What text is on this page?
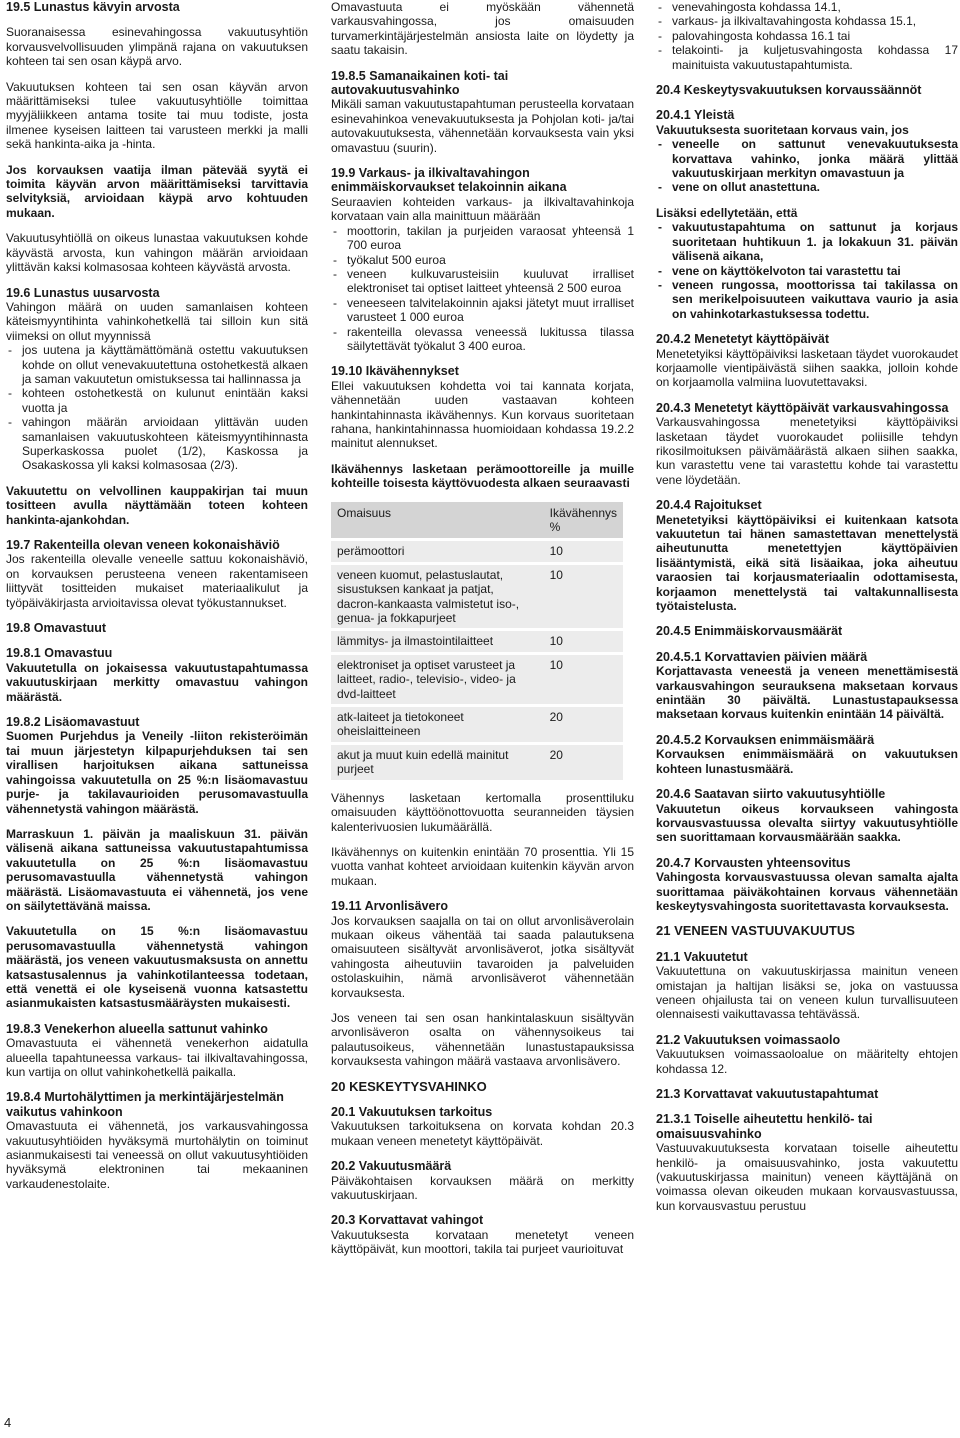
19.5 Lunastus kävyin arvosta

Suoranaisessa esinevahingossa vakuutusyhtiön korvausvelvollisuuden ylimpänä rajana on vakuutuksen kohteen tai sen osan käypä arvo.

Vakuutuksen kohteen tai sen osan käyvän arvon määrittämiseksi tulee vakuutusyhtiölle toimittaa myyjäliikkeen antama tosite tai muu todiste, josta ilmenee kyseisen laitteen tai varusteen merkki ja malli sekä hankinta-aika ja -hinta.

Jos korvauksen vaatija ilman pätevää syytä ei toimita käyvän arvon määrittämiseksi tarvittavia selvityksiä, arvioidaan käypä arvo kohtuuden mukaan.

Vakuutusyhtiöllä on oikeus lunastaa vakuutuksen kohde käyvästä arvosta, kun vahingon määrän arvioidaan ylittävän kaksi kolmasosaa kohteen käyvästä arvosta.

19.6 Lunastus uusarvosta

Vahingon määrä on uuden samanlaisen kohteen käteismyyntihinta vahinkohetkellä tai silloin kun sitä viimeksi on ollut myynnissä

- jos uutena ja käyttämättömänä ostettu vakuutuksen kohde on ollut venevakuutettuna ostohetkestä alkaen ja saman vakuutetun omistuksessa tai hallinnassa ja
- kohteen ostohetkestä on kulunut enintään kaksi vuotta ja
- vahingon määrän arvioidaan ylittävän uuden samanlaisen vakuutuskohteen käteismyyntihinnasta Superkaskossa puolet (1/2), Kaskossa ja Osakaskossa yli kaksi kolmasosaa (2/3).

Vakuutettu on velvollinen kauppakirjan tai muun tositteen avulla näyttämään toteen kohteen hankinta-ajankohdan.

19.7 Rakenteilla olevan veneen kokonaishäviö

Jos rakenteilla olevalle veneelle sattuu kokonaishäviö, on korvauksen perusteena veneen rakentamiseen liittyvät tositteiden mukaiset materiaalikulut ja työpäiväkirjasta arvioitavissa olevat työkustannukset.

19.8 Omavastuut
19.8.1 Omavastuu

Vakuutetulla on jokaisessa vakuutustapahtumassa vakuutuskirjaan merkitty omavastuu vahingon määrästä.

19.8.2 Lisäomavastuut

Suomen Purjehdus ja Veneily -liiton rekisteröimän tai muun järjestetyn kilpapurjehduksen tai sen virallisen harjoituksen aikana sattuneissa vahingoissa vakuutetulla on 25 %:n lisäomavastuu purje- ja takilavaurioiden perusomavastuulla vähennetystä vahingon määrästä.

Marraskuun 1. päivän ja maaliskuun 31. päivän välisenä aikana sattuneissa vakuutustapahtumissa vakuutetulla on 25 %:n lisäomavastuu perusomavastuulla vähennetystä vahingon määrästä. Lisäomavastuuta ei vähennetä, jos vene on säilytettävänä maissa.

Vakuutetulla on 15 %:n lisäomavastuu perusomavastuulla vähennetystä vahingon määrästä, jos veneen vakuutusmaksusta on annettu katsastusalennus ja vahinkotilanteessa todetaan, että venettä ei ole kyseisenä vuonna katsastettu asianmukaisten katsastusmääräysten mukaisesti.

19.8.3 Venekerhon alueella sattunut vahinko

Omavastuuta ei vähennetä venekerhon aidatulla alueella tapahtuneessa varkaus- tai ilkivaltavahingossa, kun vartija on ollut vahinkohetkellä paikalla.

19.8.4 Murtohälyttimen ja merkintäjärjestelmän vaikutus vahinkoon

Omavastuuta ei vähennetä, jos varkausvahingossa vakuutusyhtiöiden hyväksymä murtohälytin on toiminut asianmukaisesti tai veneessä on ollut vakuutusyhtiöiden hyväksymä elektroninen tai mekaaninen varkaudenestolaite.

Omavastuuta ei myöskään vähennetä varkausvahingossa, jos omaisuuden turvamerkintäjärjestelmän ansiosta laite on löydetty ja saatu takaisin.

19.8.5 Samanaikainen koti- tai autovakuutusvahinko

Mikäli saman vakuutustapahtuman perusteella korvataan esinevahinkoa venevakuutuksesta ja Pohjolan koti- ja/tai autovakuutuksesta, vähennetään korvauksesta vain yksi omavastuu (suurin).

19.9 Varkaus- ja ilkivaltavahingon enimmäiskorvaukset telakoinnin aikana

Seuraavien kohteiden varkaus- ja ilkivaltavahinkoja korvataan vain alla mainittuun määrään

- moottorin, takilan ja purjeiden varaosat yhteensä 1 700 euroa
- työkalut 500 euroa
- veneen kulkuvarusteisiin kuuluvat irralliset elektroniset tai optiset laitteet yhteensä 2 500 euroa
- veneeseen talvitelakoinnin ajaksi jätetyt muut irralliset varusteet 1 000 euroa
- rakenteilla olevassa veneessä lukitussa tilassa säilytettävät työkalut 3 400 euroa.
19.10 Ikävähennykset

Ellei vakuutuksen kohdetta voi tai kannata korjata, vähennetään uuden vastaavan kohteen hankintahinnasta ikävähennys. Kun korvaus suoritetaan rahana, hankintahinnassa huomioidaan kohdassa 19.2.2 mainitut alennukset.

Ikävähennys lasketaan perämoottoreille ja muille kohteille toisesta käyttövuodesta alkaen seuraavasti

Omaisuus	Ikävähennys %
perämoottori	10
veneen kuomut, pelastuslautat, sisustuksen kankaat ja patjat, dacron-kankaasta valmistetut iso-, genua- ja fokkapurjeet	10
lämmitys- ja ilmastointilaitteet	10
elektroniset ja optiset varusteet ja laitteet, radio-, televisio-, video- ja dvd-laitteet	10
atk-laiteet ja tietokoneet oheislaitteineen	20
akut ja muut kuin edellä mainitut purjeet	20

Vähennys lasketaan kertomalla prosenttiluku omaisuuden käyttöönottovuotta seuranneiden täysien kalenterivuosien lukumäärällä.

Ikävähennys on kuitenkin enintään 70 prosenttia. Yli 15 vuotta vanhat kohteet arvioidaan kuitenkin käyvän arvon mukaan.

19.11 Arvonlisävero

Jos korvauksen saajalla on tai on ollut arvonlisäverolain mukaan oikeus vähentää tai saada palautuksena omaisuuteen sisältyvät arvonlisäverot, jotka sisältyvät vahingosta aiheutuviin tavaroiden ja palveluiden ostolaskuihin, nämä arvonlisäverot vähennetään korvauksesta.

Jos veneen tai sen osan hankintalaskuun sisältyvän arvonlisäveron osalta on vähennysoikeus tai palautusoikeus, vähennetään lunastustapauksissa korvauksesta vahingon määrä vastaava arvonlisävero.

20 KESKEYTYSVAHINKO
20.1 Vakuutuksen tarkoitus

Vakuutuksen tarkoituksena on korvata kohdan 20.3 mukaan veneen menetetyt käyttöpäivät.

20.2 Vakuutusmäärä

Päiväkohtaisen korvauksen määrä on merkitty vakuutuskirjaan.

20.3 Korvattavat vahingot

Vakuutuksesta korvataan menetetyt veneen käyttöpäivät, kun moottori, takila tai purjeet vaurioituvat

- venevahingosta kohdassa 14.1,
- varkaus- ja ilkivaltavahingosta kohdassa 15.1,
- palovahingosta kohdassa 16.1 tai
- telakointi- ja kuljetusvahingosta kohdassa 17 mainituista vakuutustapahtumista.
20.4 Keskeytysvakuutuksen korvaussäännöt
20.4.1 Yleistä

Vakuutuksesta suoritetaan korvaus vain, jos

- veneelle on sattunut venevakuutuksesta korvattava vahinko, jonka määrä ylittää vakuutuskirjaan merkityn omavastuun ja
- vene on ollut anastettuna.

Lisäksi edellytetään, että

- vakuutustapahtuma on sattunut ja korjaus suoritetaan huhtikuun 1. ja lokakuun 31. päivän välisenä aikana,
- vene on käyttökelvoton tai varastettu tai
- veneen rungossa, moottorissa tai takilassa on sen merikelpoisuuteen vaikuttava vaurio ja asia on vahinkotarkastuksessa todettu.
20.4.2 Menetetyt käyttöpäivät

Menetetyiksi käyttöpäiviksi lasketaan täydet vuorokaudet korjaamolle vientipäivästä siihen saakka, jolloin kohde on korjaamolla valmiina luovutettavaksi.

20.4.3 Menetetyt käyttöpäivät varkausvahingossa

Varkausvahingossa menetetyiksi käyttöpäiviksi lasketaan täydet vuorokaudet poliisille tehdyn rikosilmoituksen päivämäärästä alkaen siihen saakka, kun varastettu vene tai varastettu kohde tai varastettu vene löydetään.

20.4.4 Rajoitukset

Menetetyiksi käyttöpäiviksi ei kuitenkaan katsota vakuutetun tai hänen samastettavan menettelystä aiheutunutta menetettyjen käyttöpäivien lisääntymistä, eikä sitä lisäaikaa, joka aiheutuu varaosien tai korjausmateriaalin odottamisesta, korjaamon menettelystä tai valtakunnallisesta työtaistelusta.

20.4.5 Enimmäiskorvausmäärät
20.4.5.1 Korvattavien päivien määrä

Korjattavasta veneestä ja veneen menettämisestä varkausvahingon seurauksena maksetaan korvaus enintään 30 päivältä. Lunastustapauksessa maksetaan korvaus kuitenkin enintään 14 päivältä.

20.4.5.2 Korvauksen enimmäismäärä

Korvauksen enimmäismäärä on vakuutuksen kohteen lunastusmäärä.

20.4.6 Saatavan siirto vakuutusyhtiölle

Vakuutetun oikeus korvaukseen vahingosta korvausvastuussa olevalta siirtyy vakuutusyhtiölle sen suorittamaan korvausmäärään saakka.

20.4.7 Korvausten yhteensovitus

Vahingosta korvausvastuussa olevan samalta ajalta suorittamaa päiväkohtainen korvaus vähennetään keskeytysvahingosta suoritettavasta korvauksesta.

21 VENEEN VASTUUVAKUUTUS
21.1 Vakuutetut

Vakuutettuna on vakuutuskirjassa mainitun veneen omistajan ja haltijan lisäksi se, joka on vastuussa veneen ohjailusta tai on veneen kulun turvallisuuteen olennaisesti vaikuttavassa tehtävässä.

21.2 Vakuutuksen voimassaolo

Vakuutuksen voimassaoloalue on määritelty ehtojen kohdassa 12.

21.3 Korvattavat vakuutustapahtumat
21.3.1 Toiselle aiheutettu henkilö- tai omaisuusvahinko

Vastuuvakuutuksesta korvataan toiselle aiheutettu henkilö- ja omaisuusvahinko, josta vakuutettu (vakuutuskirjassa mainitun) veneen käyttäjänä on voimassa olevan oikeuden mukaan korvausvastuussa, kun korvausvastuu perustuu

4
